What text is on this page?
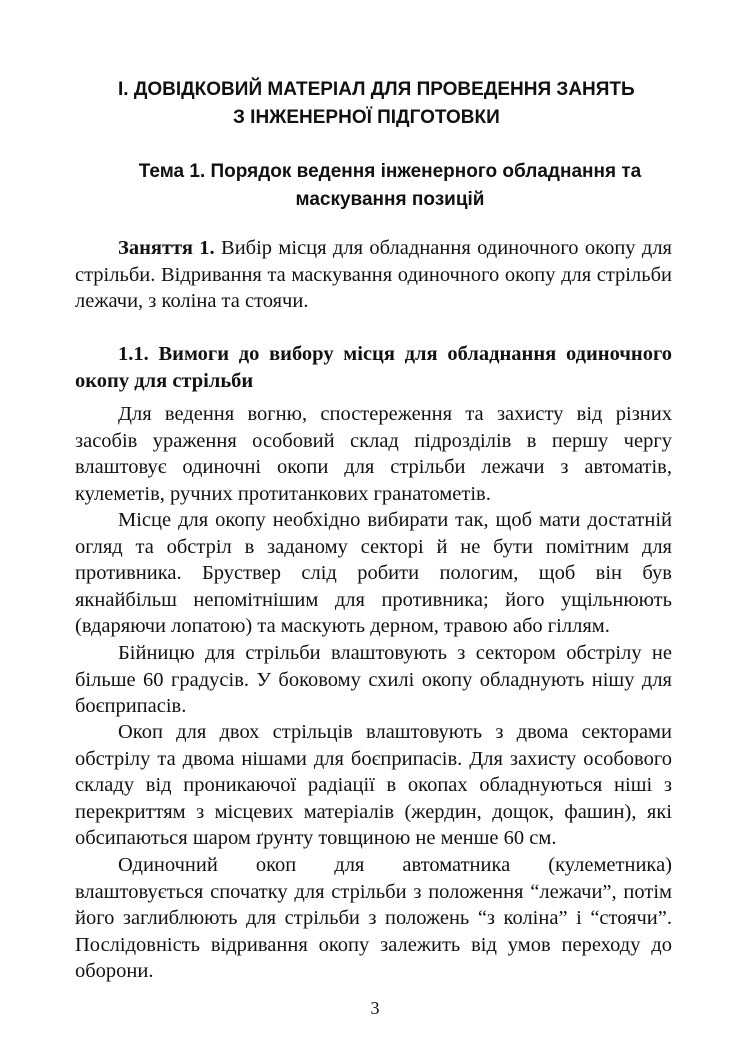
І. ДОВІДКОВИЙ МАТЕРІАЛ ДЛЯ ПРОВЕДЕННЯ ЗАНЯТЬ
З ІНЖЕНЕРНОЇ ПІДГОТОВКИ
Тема 1. Порядок ведення інженерного обладнання та
маскування позицій

Заняття 1. Вибір місця для обладнання одиночного окопу для стрільби. Відривання та маскування одиночного окопу для стрільби лежачи, з коліна та стоячи.

1.1. Вимоги до вибору місця для обладнання одиночного окопу для стрільби

Для ведення вогню, спостереження та захисту від різних засобів ураження особовий склад підрозділів в першу чергу влаштовує одиночні окопи для стрільби лежачи з автоматів, кулеметів, ручних протитанкових гранатометів.

Місце для окопу необхідно вибирати так, щоб мати достатній огляд та обстріл в заданому секторі й не бути помітним для противника. Бруствер слід робити пологим, щоб він був якнайбільш непомітнішим для противника; його ущільнюють (вдаряючи лопатою) та маскують дерном, травою або гіллям.

Бійницю для стрільби влаштовують з сектором обстрілу не більше 60 градусів. У боковому схилі окопу обладнують нішу для боєприпасів.

Окоп для двох стрільців влаштовують з двома секторами обстрілу та двома нішами для боєприпасів. Для захисту особового складу від проникаючої радіації в окопах обладнуються ніші з перекриттям з місцевих матеріалів (жердин, дощок, фашин), які обсипаються шаром ґрунту товщиною не менше 60 см.

Одиночний окоп для автоматника (кулеметника) влаштовується спочатку для стрільби з положення “лежачи”, потім його заглиблюють для стрільби з положень “з коліна” і “стоячи”. Послідовність відривання окопу залежить від умов переходу до оборони.

3
